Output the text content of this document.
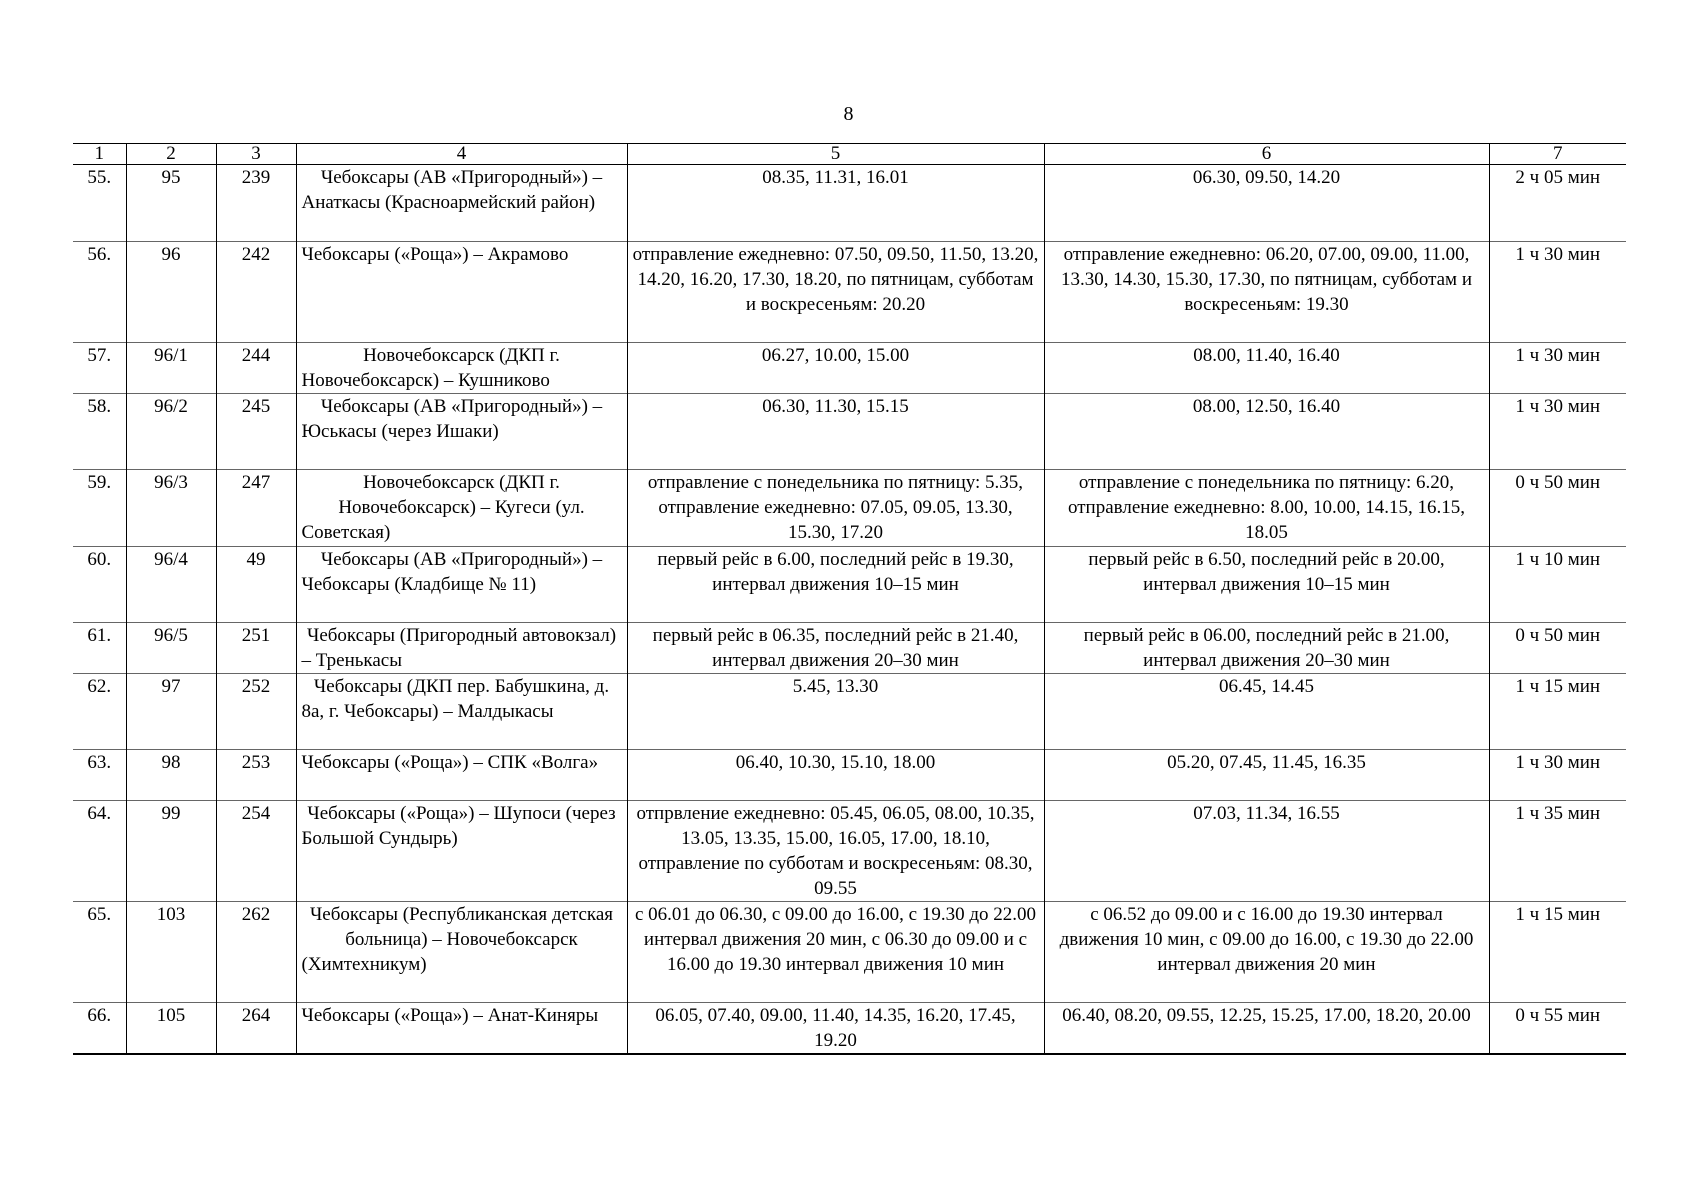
8
1	2	3	4	5	6	7
55.	95	239	Чебоксары (АВ «Пригородный») – Анаткасы (Красноармейский район)	08.35, 11.31, 16.01	06.30, 09.50, 14.20	2 ч 05 мин
56.	96	242	Чебоксары («Роща») – Акрамово	отправление ежедневно: 07.50, 09.50, 11.50, 13.20, 14.20, 16.20, 17.30, 18.20, по пятницам, субботам и воскресеньям: 20.20	отправление ежедневно: 06.20, 07.00, 09.00, 11.00, 13.30, 14.30, 15.30, 17.30, по пятницам, субботам и воскресеньям: 19.30	1 ч 30 мин
57.	96/1	244	Новочебоксарск (ДКП г. Новочебоксарск) – Кушниково	06.27, 10.00, 15.00	08.00, 11.40, 16.40	1 ч 30 мин
58.	96/2	245	Чебоксары (АВ «Пригородный») – Юськасы (через Ишаки)	06.30, 11.30, 15.15	08.00, 12.50, 16.40	1 ч 30 мин
59.	96/3	247	Новочебоксарск (ДКП г. Новочебоксарск) – Кугеси (ул. Советская)	отправление с понедельника по пятницу: 5.35, отправление ежедневно: 07.05, 09.05, 13.30, 15.30, 17.20	отправление с понедельника по пятницу: 6.20, отправление ежедневно: 8.00, 10.00, 14.15, 16.15, 18.05	0 ч 50 мин
60.	96/4	49	Чебоксары (АВ «Пригородный») – Чебоксары (Кладбище № 11)	первый рейс в 6.00, последний рейс в 19.30, интервал движения 10–15 мин	первый рейс в 6.50, последний рейс в 20.00, интервал движения 10–15 мин	1 ч 10 мин
61.	96/5	251	Чебоксары (Пригородный автовокзал) – Тренькасы	первый рейс в 06.35, последний рейс в 21.40, интервал движения 20–30 мин	первый рейс в 06.00, последний рейс в 21.00, интервал движения 20–30 мин	0 ч 50 мин
62.	97	252	Чебоксары (ДКП пер. Бабушкина, д. 8а, г. Чебоксары) – Малдыкасы	5.45, 13.30	06.45, 14.45	1 ч 15 мин
63.	98	253	Чебоксары («Роща») – СПК «Волга»	06.40, 10.30, 15.10, 18.00	05.20, 07.45, 11.45, 16.35	1 ч 30 мин
64.	99	254	Чебоксары («Роща») – Шупоси (через Большой Сундырь)	отпрвление ежедневно: 05.45, 06.05, 08.00, 10.35, 13.05, 13.35, 15.00, 16.05, 17.00, 18.10, отправление по субботам и воскресеньям: 08.30, 09.55	07.03, 11.34, 16.55	1 ч 35 мин
65.	103	262	Чебоксары (Республиканская детская больница) – Новочебоксарск (Химтехникум)	с 06.01 до 06.30, с 09.00 до 16.00, с 19.30 до 22.00 интервал движения 20 мин, с 06.30 до 09.00 и с 16.00 до 19.30 интервал движения 10 мин	с 06.52 до 09.00 и с 16.00 до 19.30 интервал движения 10 мин, с 09.00 до 16.00, с 19.30 до 22.00 интервал движения 20 мин	1 ч 15 мин
66.	105	264	Чебоксары («Роща») – Анат-Киняры	06.05, 07.40, 09.00, 11.40, 14.35, 16.20, 17.45, 19.20	06.40, 08.20, 09.55, 12.25, 15.25, 17.00, 18.20, 20.00	0 ч 55 мин
